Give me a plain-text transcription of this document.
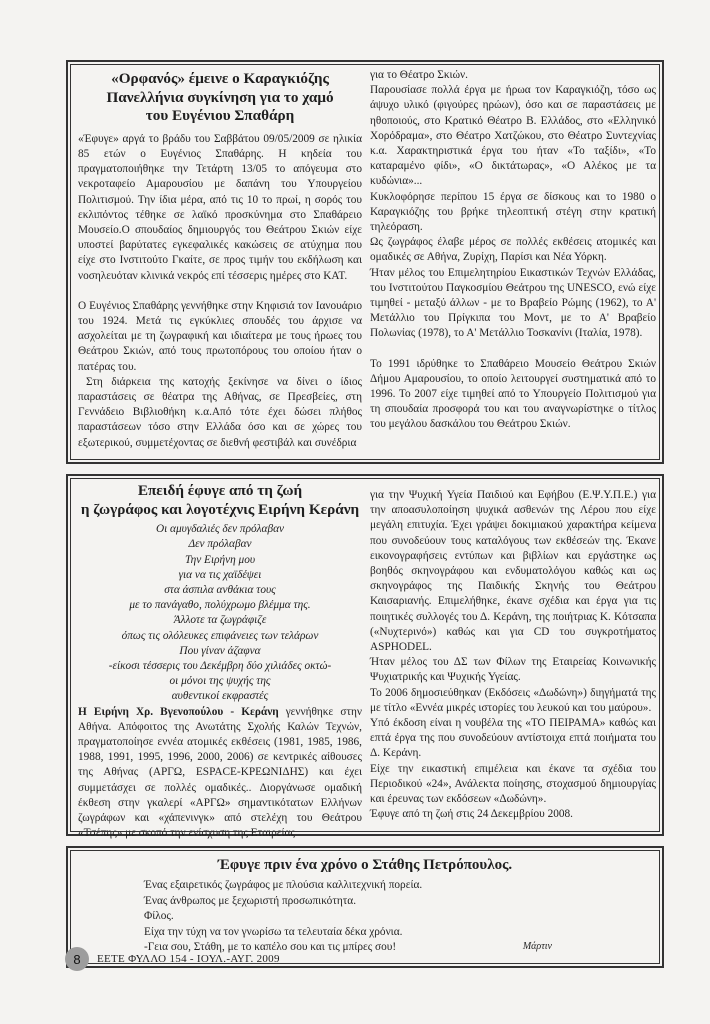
«Ορφανός» έμεινε ο Καραγκιόζης
Πανελλήνια συγκίνηση για το χαμό
του Ευγένιου Σπαθάρη

«Έφυγε» αργά το βράδυ του Σαββάτου 09/05/2009 σε ηλικία 85 ετών ο Ευγένιος Σπαθάρης. Η κηδεία του πραγματοποιήθηκε την Τετάρτη 13/05 το απόγευμα στο νεκροταφείο Αμαρουσίου με δαπάνη του Υπουργείου Πολιτισμού. Την ίδια μέρα, από τις 10 το πρωί, η σορός του εκλιπόντος τέθηκε σε λαϊκό προσκύνημα στο Σπαθάρειο Μουσείο.Ο σπουδαίος δημιουργός του Θεάτρου Σκιών είχε υποστεί βαρύτατες εγκεφαλικές κακώσεις σε ατύχημα που είχε στο Ινστιτούτο Γκαίτε, σε προς τιμήν του εκδήλωση και νοσηλευόταν κλινικά νεκρός επί τέσσερις ημέρες στο ΚΑΤ.

Ο Ευγένιος Σπαθάρης γεννήθηκε στην Κηφισιά τον Ιανουάριο του 1924. Μετά τις εγκύκλιες σπουδές του άρχισε να ασχολείται με τη ζωγραφική και ιδιαίτερα με τους ήρωες του Θεάτρου Σκιών, από τους πρωτοπόρους του οποίου ήταν ο πατέρας του.

Στη διάρκεια της κατοχής ξεκίνησε να δίνει ο ίδιος παραστάσεις σε θέατρα της Αθήνας, σε Πρεσβείες, στη Γεννάδειο Βιβλιοθήκη κ.α.Από τότε έχει δώσει πλήθος παραστάσεων τόσο στην Ελλάδα όσο και σε χώρες του εξωτερικού, συμμετέχοντας σε διεθνή φεστιβάλ και συνέδρια

για το Θέατρο Σκιών.

Παρουσίασε πολλά έργα με ήρωα τον Καραγκιόζη, τόσο ως άψυχο υλικό (φιγούρες ηρώων), όσο και σε παραστάσεις με ηθοποιούς, στο Κρατικό Θέατρο Β. Ελλάδος, στο «Ελληνικό Χορόδραμα», στο Θέατρο Χατζώκου, στο Θέατρο Συντεχνίας κ.α. Χαρακτηριστικά έργα του ήταν «Το ταξίδι», «Το καταραμένο φίδι», «Ο δικτάτωρας», «Ο Αλέκος με τα κυδώνια»...

Κυκλοφόρησε περίπου 15 έργα σε δίσκους και το 1980 ο Καραγκιόζης του βρήκε τηλεοπτική στέγη στην κρατική τηλεόραση.

Ως ζωγράφος έλαβε μέρος σε πολλές εκθέσεις ατομικές και ομαδικές σε Αθήνα, Ζυρίχη, Παρίσι και Νέα Υόρκη.

Ήταν μέλος του Επιμελητηρίου Εικαστικών Τεχνών Ελλάδας, του Ινστιτούτου Παγκοσμίου Θεάτρου της UNESCO, ενώ είχε τιμηθεί - μεταξύ άλλων - με το Βραβείο Ρώμης (1962), το Α' Μετάλλιο του Πρίγκιπα του Μοντ, με το Α' Βραβείο Πολωνίας (1978), το Α' Μετάλλιο Τοσκανίνι (Ιταλία, 1978).

Το 1991 ιδρύθηκε το Σπαθάρειο Μουσείο Θεάτρου Σκιών Δήμου Αμαρουσίου, το οποίο λειτουργεί συστηματικά από το 1996. Το 2007 είχε τιμηθεί από το Υπουργείο Πολιτισμού για τη σπουδαία προσφορά του και του αναγνωρίστηκε ο τίτλος του μεγάλου δασκάλου του Θεάτρου Σκιών.

Επειδή έφυγε από τη ζωή
η ζωγράφος και λογοτέχνις Ειρήνη Κεράνη
Οι αμυγδαλιές δεν πρόλαβαν
Δεν πρόλαβαν
Την Ειρήνη μου
για να τις χαϊδέψει
στα άσπιλα ανθάκια τους
με το πανάγαθο, πολύχρωμο βλέμμα της.
Άλλοτε τα ζωγράφιζε
όπως τις ολόλευκες επιφάνειες των τελάρων
Που γίναν άζαφνα
-είκοσι τέσσερις του Δεκέμβρη δύο χιλιάδες οκτώ-
οι μόνοι της ψυχής της
αυθεντικοί εκφραστές

Η Ειρήνη Χρ. Βγενοπούλου - Κεράνη γεννήθηκε στην Αθήνα. Απόφοιτος της Ανωτάτης Σχολής Καλών Τεχνών, πραγματοποίησε εννέα ατομικές εκθέσεις (1981, 1985, 1986, 1988, 1991, 1995, 1996, 2000, 2006) σε κεντρικές αίθουσες της Αθήνας (ΑΡΓΩ, ESPACE-ΚΡΕΩΝΙΔΗΣ) και έχει συμμετάσχει σε πολλές ομαδικές.. Διοργάνωσε ομαδική έκθεση στην γκαλερί «ΑΡΓΩ» σημαντικότατων Ελλήνων ζωγράφων και «χάπενινγκ» από στελέχη του Θεάτρου «Τσέπης» με σκοπό την ενίσχυση της Εταιρείας

για την Ψυχική Υγεία Παιδιού και Εφήβου (Ε.Ψ.Υ.Π.Ε.) για την αποασυλοποίηση ψυχικά ασθενών της Λέρου που είχε μεγάλη επιτυχία. Έχει γράψει δοκιμιακού χαρακτήρα κείμενα που συνοδεύουν τους καταλόγους των εκθέσεών της. Έκανε εικονογραφήσεις εντύπων και βιβλίων και εργάστηκε ως βοηθός σκηνογράφου και ενδυματολόγου καθώς και ως σκηνογράφος της Παιδικής Σκηνής του Θεάτρου Καισαριανής. Επιμελήθηκε, έκανε σχέδια και έργα για τις ποιητικές συλλογές του Δ. Κεράνη, της ποιήτριας Κ. Κότσαπα («Νυχτερινό») καθώς και για CD του συγκροτήματος ASPHODEL.

Ήταν μέλος του ΔΣ των Φίλων της Εταιρείας Κοινωνικής Ψυχιατρικής και Ψυχικής Υγείας.

Το 2006 δημοσιεύθηκαν (Εκδόσεις «Δωδώνη») διηγήματά της με τίτλο «Εννέα μικρές ιστορίες του λευκού και του μαύρου».

Υπό έκδοση είναι η νουβέλα της «ΤΟ ΠΕΙΡΑΜΑ» καθώς και επτά έργα της που συνοδεύουν αντίστοιχα επτά ποιήματα του Δ. Κεράνη.

Είχε την εικαστική επιμέλεια και έκανε τα σχέδια του Περιοδικού «24», Ανάλεκτα ποίησης, στοχασμού δημιουργίας και έρευνας των εκδόσεων «Δωδώνη».

Έφυγε από τη ζωή στις 24 Δεκεμβρίου 2008.

Έφυγε πριν ένα χρόνο ο Στάθης Πετρόπουλος.
Ένας εξαιρετικός ζωγράφος με πλούσια καλλιτεχνική πορεία.
Ένας άνθρωπος με ξεχωριστή προσωπικότητα.
Φίλος.
Είχα την τύχη να τον γνωρίσω τα τελευταία δέκα χρόνια.
-Γεια σου, Στάθη, με το καπέλο σου και τις μπίρες σου!	Μάρτιν
8	ΕΕΤΕ ΦΥΛΛΟ 154 - ΙΟΥΛ.-ΑΥΓ. 2009
